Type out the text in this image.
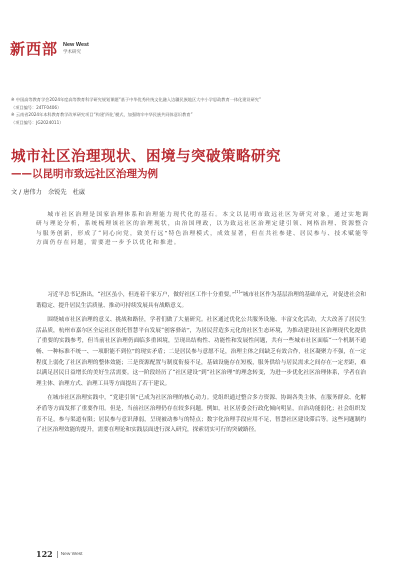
新西部 New West
学术研究
※ 中国高等教育学会2024年度高等教育科学研究规划课题“基于中华优秀传统文化融入边疆民族地区大中小学思政教育一体化建设研究”
（项目编号：24TF0406）
※ 云南省2024年本科教育教学改革研究项目“构建‘四化’模式，加强铸牢中华民族共同体意识教育”
（项目编号：JG2024011）
城市社区治理现状、困境与突破策略研究
——以昆明市致远社区治理为例
文 / 唐伟力　余锐先　杜崴

城市社区治理是国家治理体系和治理能力现代化的基石。本文以昆明市致远社区为研究对象，通过实地调研与理论分析，系统梳理该社区的治理现状，由治国理政，以为致远社区治理定建引领、网格治理、资源整合与服务创新，形成了“同心向党，致美行远”特色治理模式，成效显著，但在共社参建、居民参与、技术赋能等方面仍存在问题，需要进一步予以优化和推进。

习近平总书记指出，“社区虽小，但连着千家万户，做好社区工作十分重要。”[1]“城市社区作为基层治理的基础单元，对促进社会和谐稳定、提升居民生活质量、推动可持续发展具有战略意义。

围绕城市社区治理的意义、挑战和路径，学者们做了大量研究。社区通过优化公共服务设施、丰富文化活动，大大改善了居民生活品质，杭州市嘉尔区全运社区依托智慧平台发展“创客驿站”，为居民营造多元化的社区生态环境，为推动建设社区治理现代化提供了重要的实践参考，但当前社区治理仍面临多重困境，呈现出结构性、功能性和发展性问题，共有一些城市社区面临“一个机制不通畅、一种标准不统一、一项职能不到位”的现实矛盾；二是居民参与意愿不足，治理主体之间缺乏有效合作，社区凝聚力不强，在一定程度上弱化了社区治理的整体效能；三是资源配置与制度衔接不足，基础设施存在短板，服务供给与居民需求之间存在一定差距，难以满足居民日益增长的美好生活需要。这一阶段经历了“社区建设”到“社区治理”的理念转变，为进一步优化社区治理体系，学者在治理主体、治理方式、治理工具等方面提出了若干建议。

在城市社区治理实践中，“党建引领”已成为社区治理的核心动力。党组织通过整合多方资源、协调各类主体，在服务群众、化解矛盾等方面发挥了重要作用。但是，当前社区治理仍存在较多问题。例如，社区居委会行政化倾向明显，自治功能弱化；社会组织发育不足，参与渠道有限；居民参与意识薄弱，呈现被动参与的特点；数字化治理手段应用不足，智慧社区建设滞后等。这些问题制约了社区治理效能的提升，需要在理论和实践层面进行深入研究，探索切实可行的突破路径。

122 New West
